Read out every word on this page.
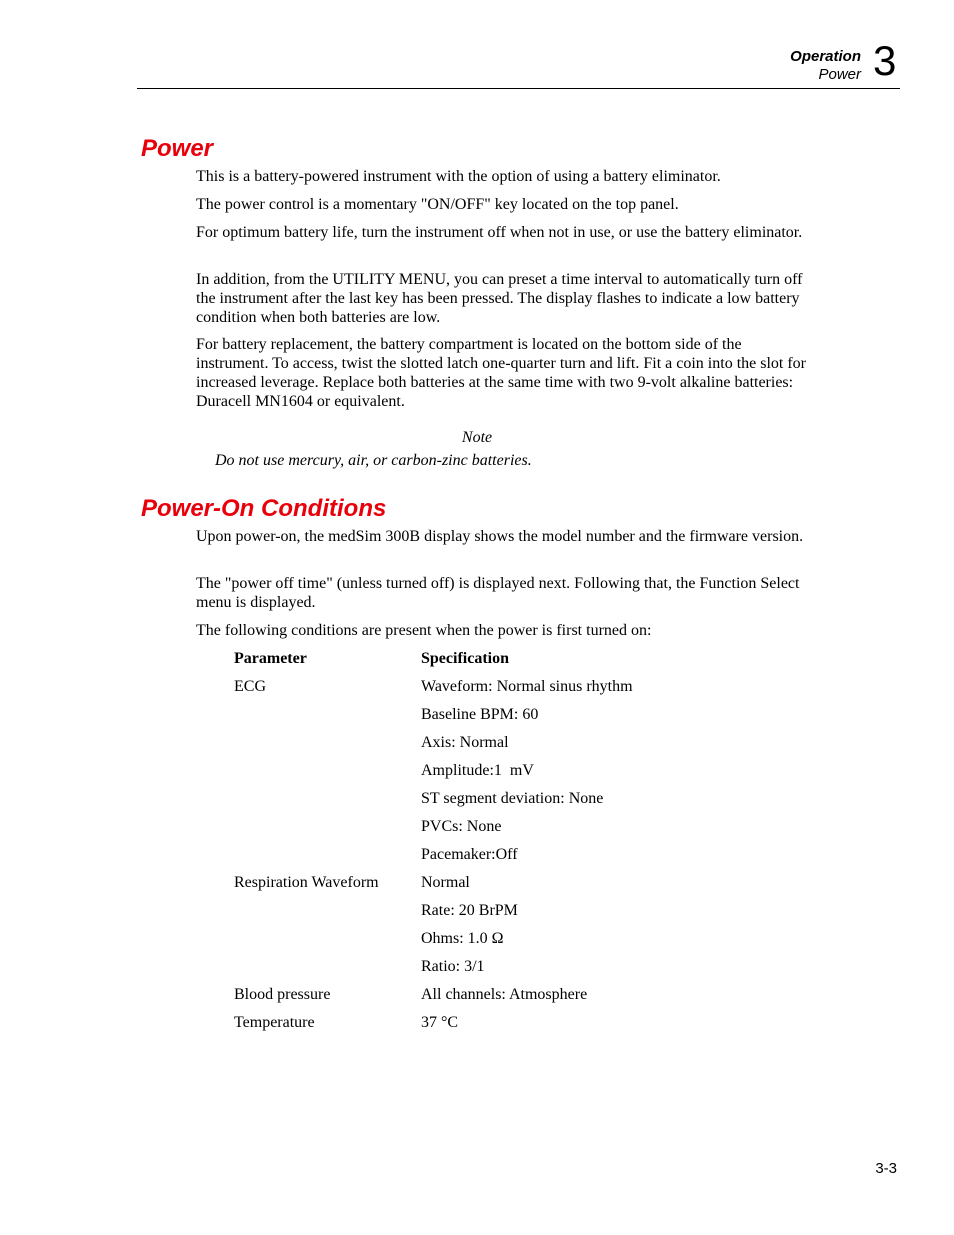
Operation
Power 3
Power

This is a battery-powered instrument with the option of using a battery eliminator.

The power control is a momentary "ON/OFF" key located on the top panel.

For optimum battery life, turn the instrument off when not in use, or use the battery eliminator.

In addition, from the UTILITY MENU, you can preset a time interval to automatically turn off the instrument after the last key has been pressed. The display flashes to indicate a low battery condition when both batteries are low.

For battery replacement, the battery compartment is located on the bottom side of the instrument. To access, twist the slotted latch one-quarter turn and lift. Fit a coin into the slot for increased leverage. Replace both batteries at the same time with two 9-volt alkaline batteries: Duracell MN1604 or equivalent.

Note
Do not use mercury, air, or carbon-zinc batteries.
Power-On Conditions

Upon power-on, the medSim 300B display shows the model number and the firmware version.

The "power off time" (unless turned off) is displayed next. Following that, the Function Select menu is displayed.

The following conditions are present when the power is first turned on:

Parameter	Specification
ECG	Waveform: Normal sinus rhythm
Baseline BPM: 60
Axis: Normal
Amplitude:1  mV
ST segment deviation: None
PVCs: None
Pacemaker:Off
Respiration Waveform	Normal
Rate: 20 BrPM
Ohms: 1.0 Ω
Ratio: 3/1
Blood pressure	All channels: Atmosphere
Temperature	37 °C
3-3
